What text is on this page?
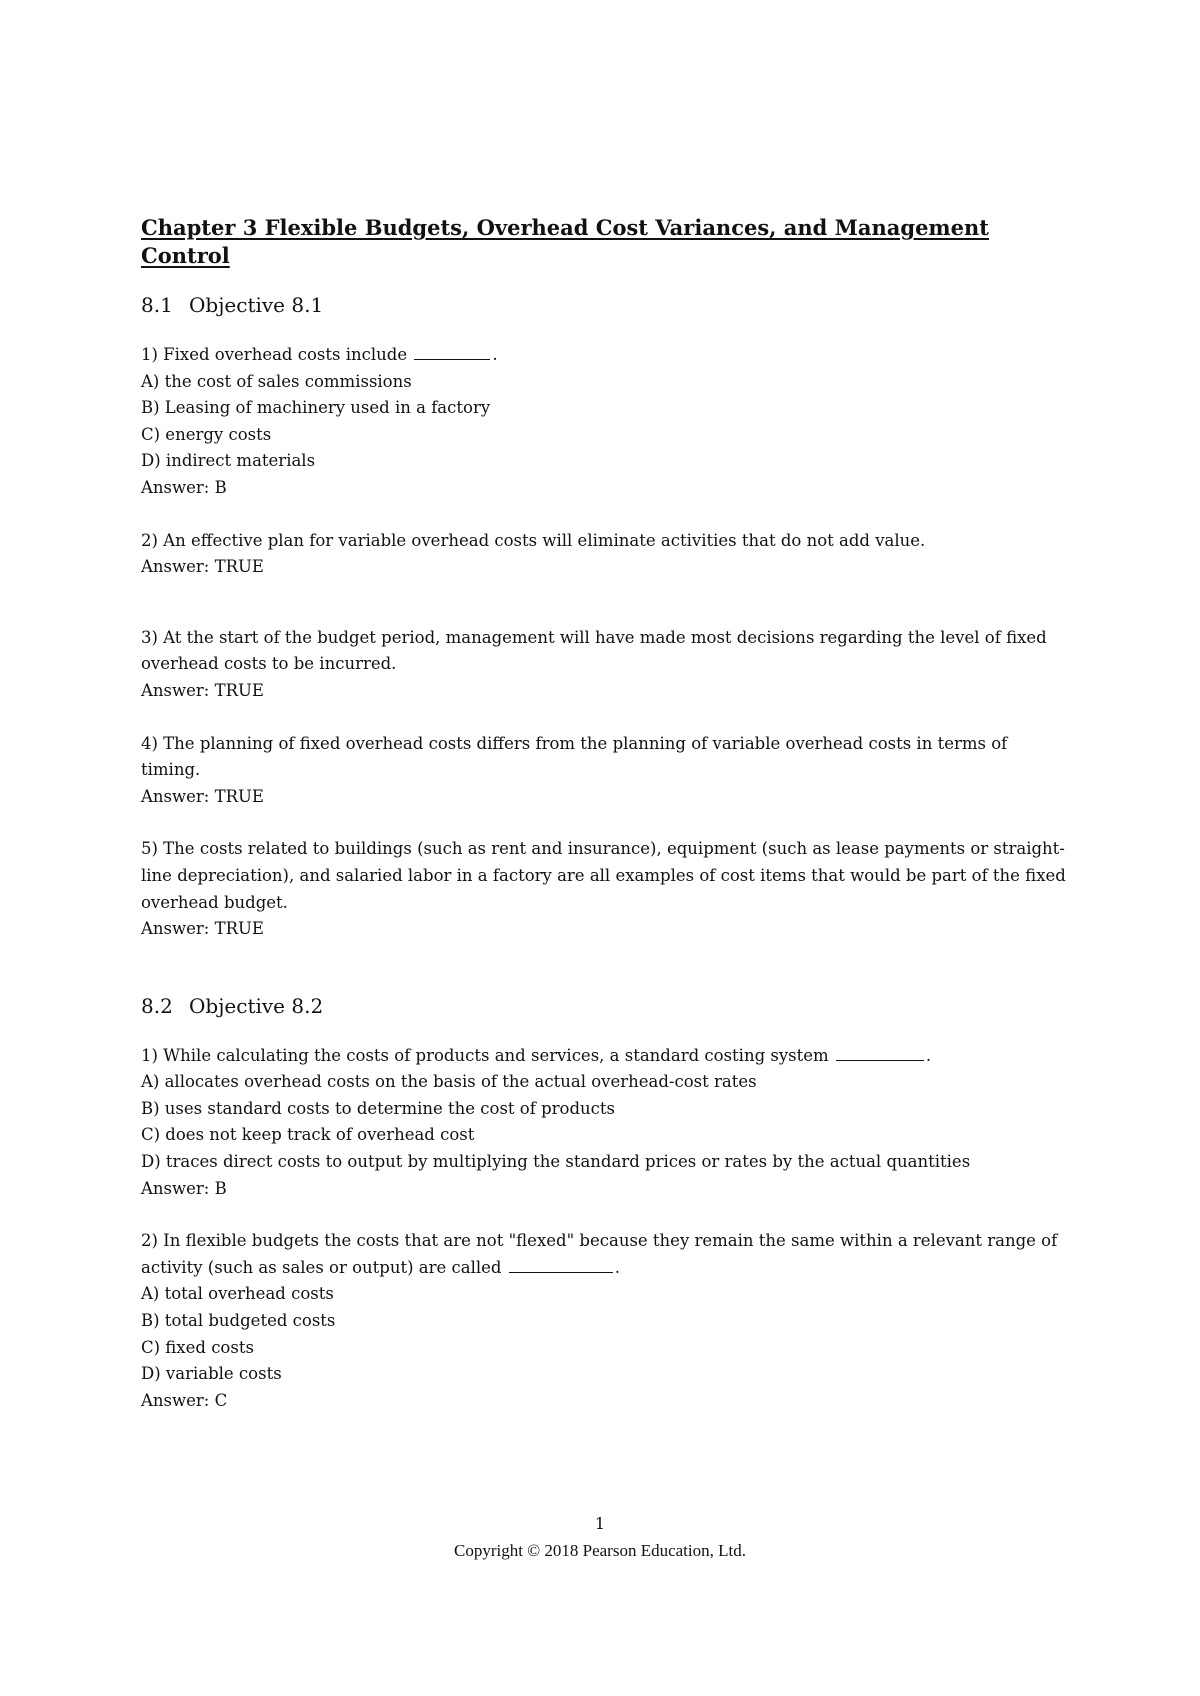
Chapter 3 Flexible Budgets, Overhead Cost Variances, and Management Control
8.1 Objective 8.1
1) Fixed overhead costs include	.
A) the cost of sales commissions
B) Leasing of machinery used in a factory
C) energy costs
D) indirect materials
Answer: B
2) An effective plan for variable overhead costs will eliminate activities that do not add value.
Answer: TRUE
3) At the start of the budget period, management will have made most decisions regarding the level of fixed overhead costs to be incurred.
Answer: TRUE
4) The planning of fixed overhead costs differs from the planning of variable overhead costs in terms of timing.
Answer: TRUE
5) The costs related to buildings (such as rent and insurance), equipment (such as lease payments or straight-line depreciation), and salaried labor in a factory are all examples of cost items that would be part of the fixed overhead budget.
Answer: TRUE
8.2 Objective 8.2
1) While calculating the costs of products and services, a standard costing system	.
A) allocates overhead costs on the basis of the actual overhead-cost rates
B) uses standard costs to determine the cost of products
C) does not keep track of overhead cost
D) traces direct costs to output by multiplying the standard prices or rates by the actual quantities
Answer: B
2) In flexible budgets the costs that are not "flexed" because they remain the same within a relevant range of activity (such as sales or output) are called	.
A) total overhead costs
B) total budgeted costs
C) fixed costs
D) variable costs
Answer: C
1
Copyright © 2018 Pearson Education, Ltd.
